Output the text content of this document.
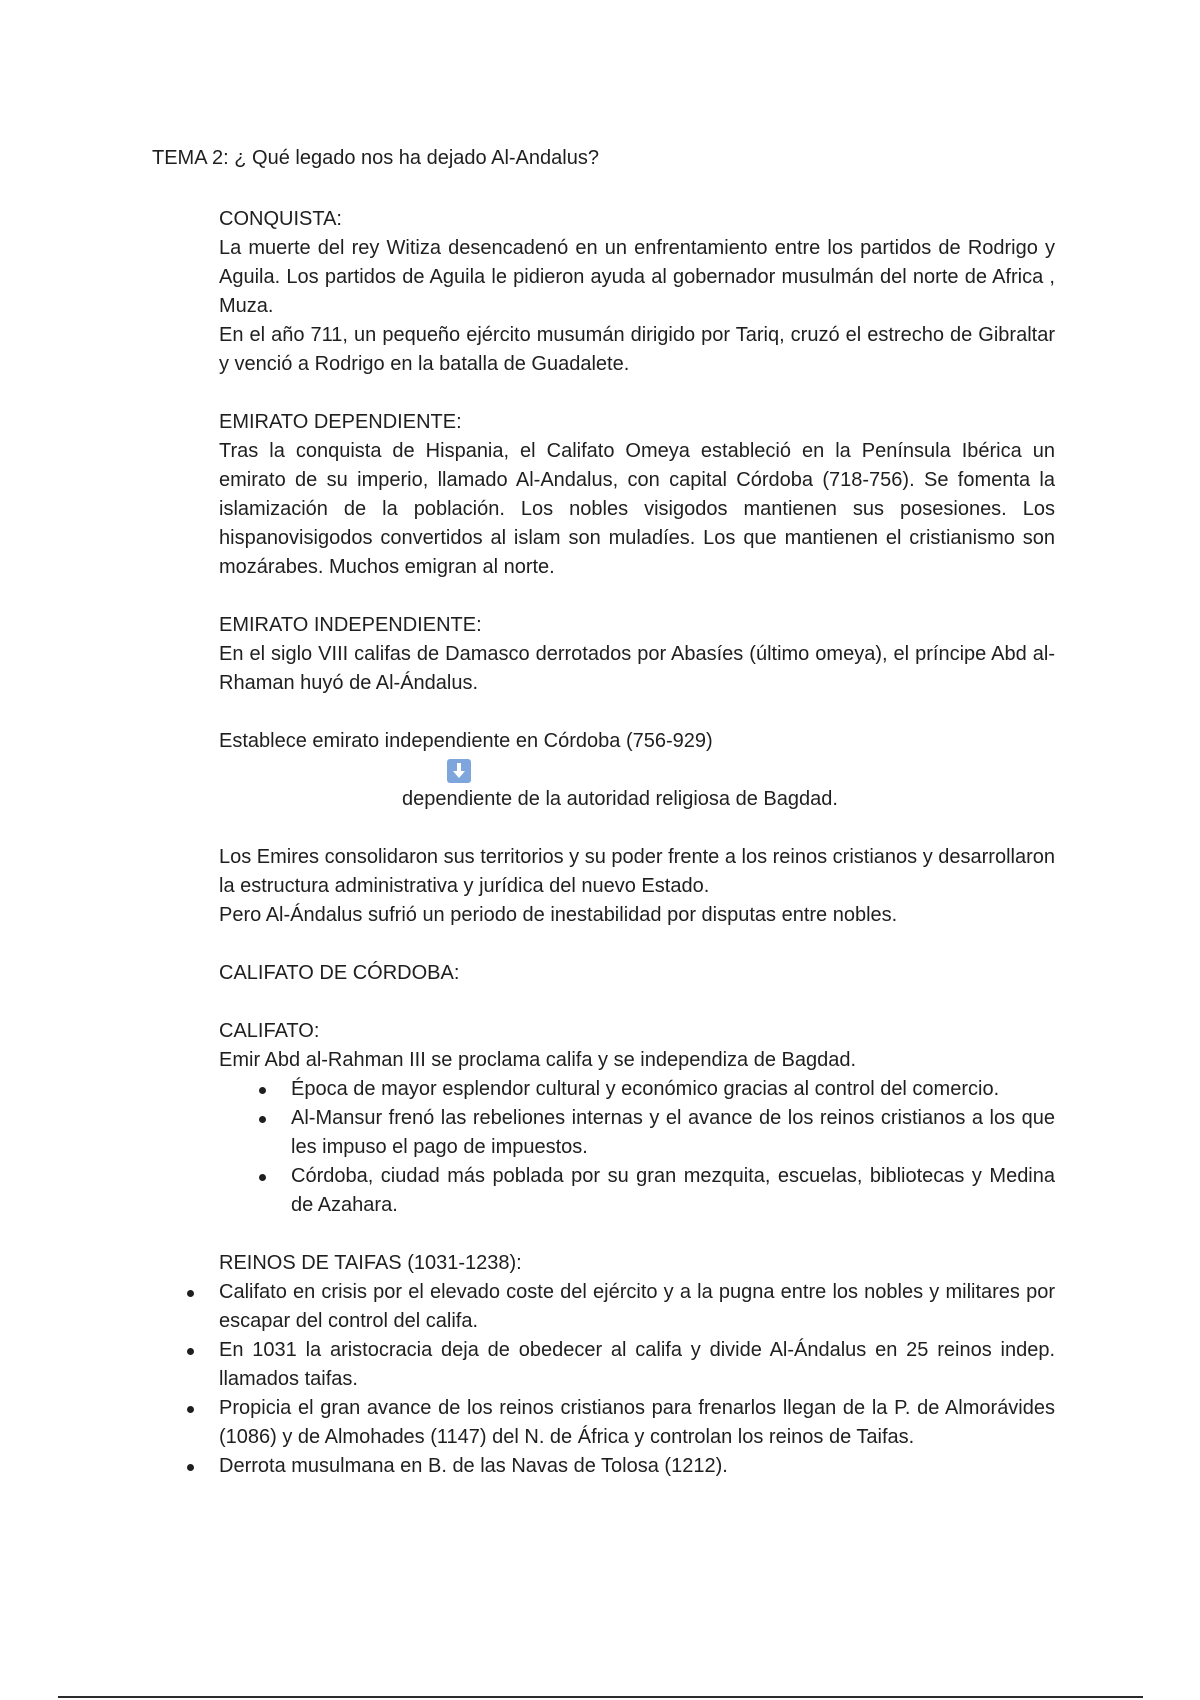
TEMA 2: ¿ Qué legado nos ha dejado Al-Andalus?
CONQUISTA:

La muerte del rey Witiza desencadenó en un enfrentamiento entre los partidos de Rodrigo y Aguila. Los partidos de Aguila le pidieron ayuda al gobernador musulmán del norte de Africa , Muza.

En el año 711, un pequeño ejército musumán dirigido por Tariq, cruzó el estrecho de Gibraltar y venció a Rodrigo en la batalla de Guadalete.

EMIRATO DEPENDIENTE:

Tras la conquista de Hispania, el Califato Omeya estableció en la Península Ibérica un emirato de su imperio, llamado Al-Andalus, con capital Córdoba (718-756). Se fomenta la islamización de la población. Los nobles visigodos mantienen sus posesiones. Los hispanovisigodos convertidos al islam son muladíes. Los que mantienen el cristianismo son mozárabes. Muchos emigran al norte.

EMIRATO INDEPENDIENTE:

En el siglo VIII califas de Damasco derrotados por Abasíes (último omeya), el príncipe Abd al-Rhaman huyó de Al-Ándalus.

Establece emirato independiente en Córdoba (756-929)

dependiente de la autoridad religiosa de Bagdad.

Los Emires consolidaron sus territorios y su poder frente a los reinos cristianos y desarrollaron la estructura administrativa y jurídica del nuevo Estado.

Pero Al-Ándalus sufrió un periodo de inestabilidad por disputas entre nobles.

CALIFATO DE CÓRDOBA:
CALIFATO:

Emir Abd al-Rahman III se proclama califa y se independiza de Bagdad.

Época de mayor esplendor cultural y económico gracias al control del comercio.
Al-Mansur frenó las rebeliones internas y el avance de los reinos cristianos a los que les impuso el pago de impuestos.
Córdoba, ciudad más poblada por su gran mezquita, escuelas, bibliotecas y Medina de Azahara.
REINOS DE TAIFAS (1031-1238):
Califato en crisis por el elevado coste del ejército y a la pugna entre los nobles y militares por escapar del control del califa.
En 1031 la aristocracia deja de obedecer al califa y divide Al-Ándalus en 25 reinos indep. llamados taifas.
Propicia el gran avance de los reinos cristianos para frenarlos llegan de la P. de Almorávides (1086) y de Almohades (1147) del N. de África y controlan los reinos de Taifas.
Derrota musulmana en B. de las Navas de Tolosa (1212).
